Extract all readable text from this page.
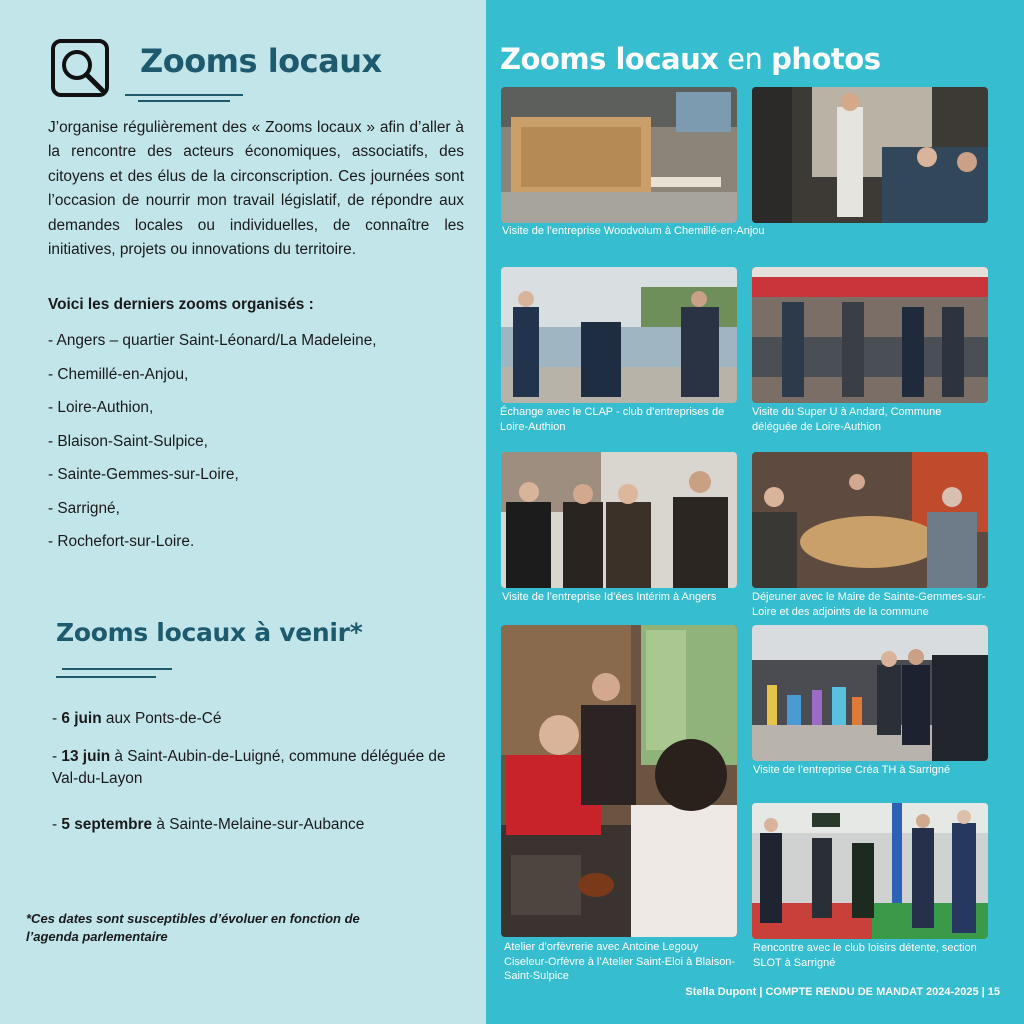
Zooms locaux

J’organise régulièrement des « Zooms locaux » afin d’aller à la rencontre des acteurs économiques, associatifs, des citoyens et des élus de la circonscription. Ces journées sont l’occasion de nourrir mon travail législatif, de répondre aux demandes locales ou individuelles, de connaître les initiatives, projets ou innovations du territoire.

Voici les derniers zooms organisés :

- Angers – quartier Saint-Léonard/La Madeleine,
- Chemillé-en-Anjou,
- Loire-Authion,
- Blaison-Saint-Sulpice,
- Sainte-Gemmes-sur-Loire,
- Sarrigné,
- Rochefort-sur-Loire.
Zooms locaux à venir*
- 6 juin aux Ponts-de-Cé
- 13 juin à Saint-Aubin-de-Luigné, commune déléguée de Val-du-Layon
- 5 septembre à Sainte-Melaine-sur-Aubance

*Ces dates sont susceptibles d’évoluer en fonction de l’agenda parlementaire

Zooms locaux en photos

Visite de l’entreprise Woodvolum à Chemillé-en-Anjou

Échange avec le CLAP - club d’entreprises de Loire-Authion

Visite du Super U à Andard, Commune déléguée de Loire-Authion

Visite de l’entreprise Id’ées Intérim à Angers	Déjeuner avec le Maire de Sainte-Gemmes-sur-Loire et des adjoints de la commune

Atelier d’orfèvrerie avec Antoine Legouy Ciseleur-Orfèvre à l’Atelier Saint-Eloi à Blaison-Saint-Sulpice

Visite de l’entreprise Créa TH à Sarrigné

Rencontre avec le club loisirs détente, section SLOT à Sarrigné

Stella Dupont | COMPTE RENDU DE MANDAT 2024-2025 | 15
